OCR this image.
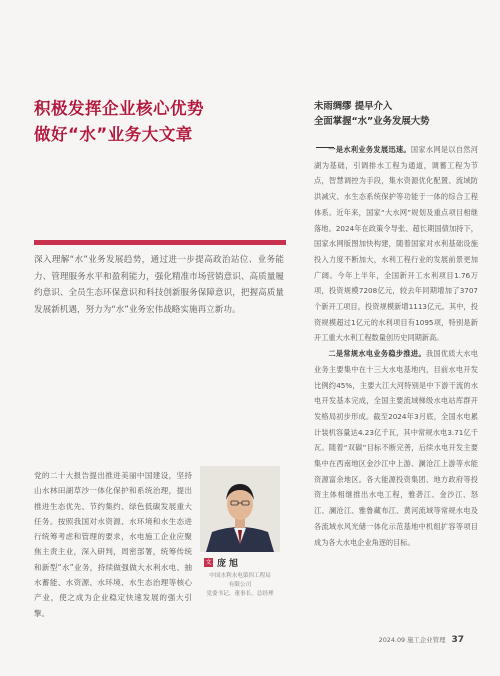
积极发挥企业核心优势
做好“水”业务大文章
深入理解“水”业务发展趋势，通过进一步提高政治站位、业务能力、管理服务水平和盈利能力，强化精准市场营销意识、高质量履约意识、全员生态环保意识和科技创新服务保障意识，把握高质量发展新机遇，努力为“水”业务宏伟战略实施再立新功。
党的二十大报告提出推进美丽中国建设，坚持山水林田湖草沙一体化保护和系统治理，提出推进生态优先、节约集约、绿色低碳发展重大任务。按照我国对水资源、水环境和水生态进行统筹考虑和管理的要求，水电施工企业应聚焦主责主业，深入研判，周密部署，统筹传统和新型“水”业务，持续做强做大水利水电、抽水蓄能、水资源、水环境、水生态治理等核心产业，使之成为企业稳定快速发展的强大引擎。
文 庞旭
中国水利水电第四工程局
有限公司
党委书记、董事长、总经理
未雨绸缪 提早介入
全面掌握“水”业务发展大势

一是水利业务发展迅速。国家水网是以自然河湖为基础，引调排水工程为通道，调蓄工程为节点，智慧调控为手段，集水资源优化配置、流域防洪减灾、水生态系统保护等功能于一体的综合工程体系。近年来，国家“大水网”规划及重点项目相继落地。2024年在政策令导张、超长期国债加持下，国家水网版图加快构建，随着国家对水利基础设施投入力度不断加大，水利工程行业的发展前景更加广阔。今年上半年，全国新开工水利项目1.76万项，投资规模7208亿元，较去年同期增加了3707个新开工项目，投资规模新增1113亿元。其中，投资规模超过1亿元的水利项目有1095项，特别是新开工重大水利工程数量创历史同期新高。

二是常规水电业务稳步推进。我国优质大水电业务主要集中在十三大水电基地内，目前水电开发比例约45%，主要大江大河特别是中下游干流的水电开发基本完成，全国主要流域梯级水电站库群开发格局初步形成。截至2024年3月底，全国水电累计装机容量达4.23亿千瓦，其中常规水电3.71亿千瓦。随着“双碳”目标不断完善，后续水电开发主要集中在西南地区金沙江中上游、澜沧江上游等水能资源富余地区。各大能源投资集团、地方政府等投资主体相继推出水电工程，雅砻江、金沙江、怒江、澜沧江、雅鲁藏布江、黄河流域等常规水电及各流域水风光储一体化示范基地中机组扩容等项目成为各大水电企业角逐的目标。

2024.09 施工企业管理 37
